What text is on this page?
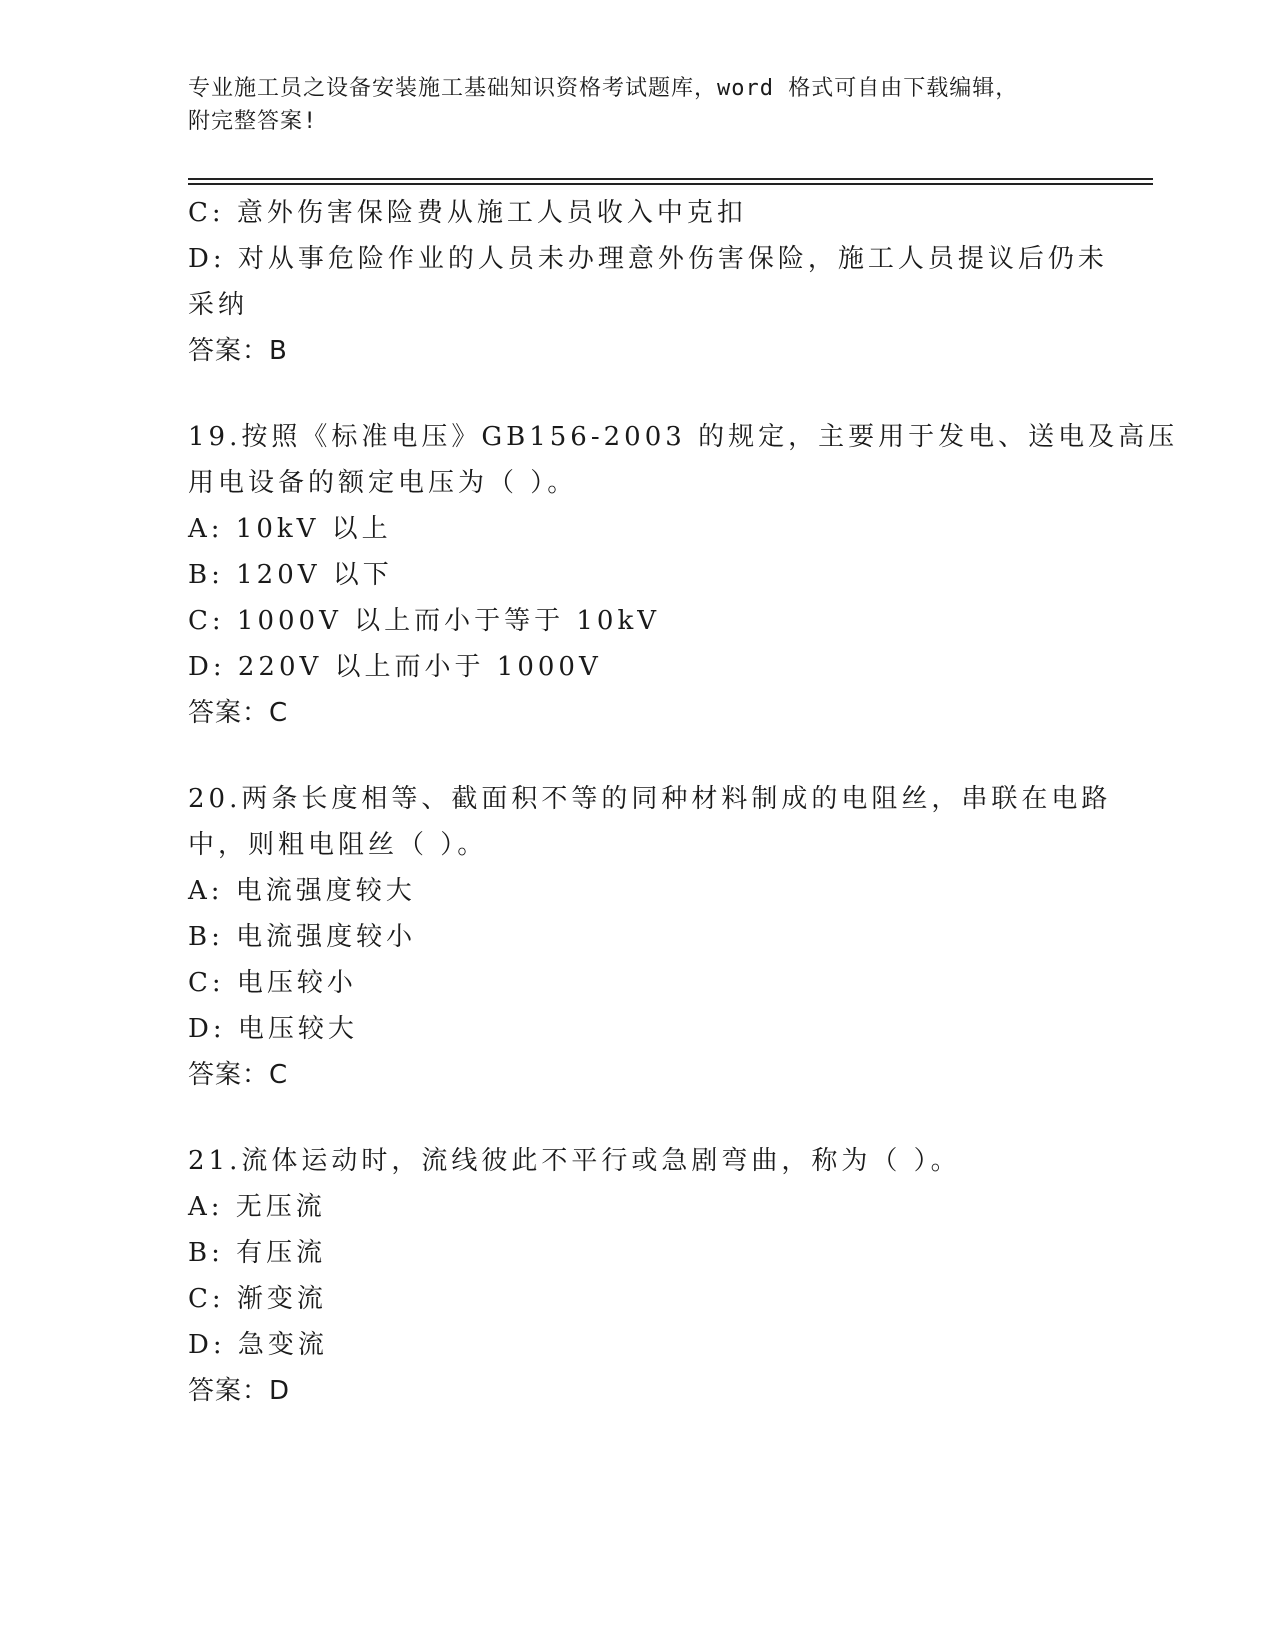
专业施工员之设备安装施工基础知识资格考试题库，word 格式可自由下载编辑，
附完整答案!
C: 意外伤害保险费从施工人员收入中克扣
D: 对从事危险作业的人员未办理意外伤害保险，施工人员提议后仍未
采纳
答案：B
19.按照《标准电压》GB156-2003 的规定，主要用于发电、送电及高压
用电设备的额定电压为（ ）。
A: 10kV 以上
B: 120V 以下
C: 1000V 以上而小于等于 10kV
D: 220V 以上而小于 1000V
答案：C
20.两条长度相等、截面积不等的同种材料制成的电阻丝，串联在电路
中，则粗电阻丝（ ）。
A: 电流强度较大
B: 电流强度较小
C: 电压较小
D: 电压较大
答案：C
21.流体运动时，流线彼此不平行或急剧弯曲，称为（ ）。
A: 无压流
B: 有压流
C: 渐变流
D: 急变流
答案：D
